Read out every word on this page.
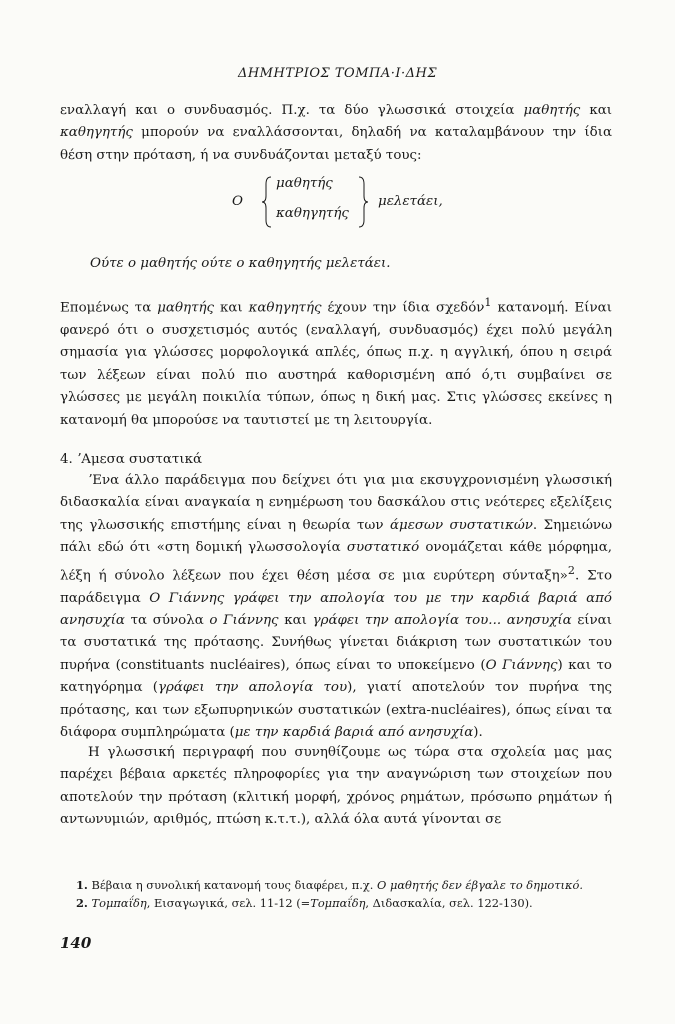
ΔΗΜΗΤΡΙΟΣ ΤΟΜΠΑ·Ι·ΔΗΣ

εναλλαγή και ο συνδυασμός. Π.χ. τα δύο γλωσσικά στοιχεία μαθητής και καθηγητής μπορούν να εναλλάσσονται, δηλαδή να καταλαμβάνουν την ίδια θέση στην πρόταση, ή να συνδυάζονται μεταξύ τους:

Ο
μαθητής
καθηγητής
μελετάει,
Ούτε ο μαθητής ούτε ο καθηγητής μελετάει.

Επομένως τα μαθητής και καθηγητής έχουν την ίδια σχεδόν$^1$ κατανομή. Είναι φανερό ότι ο συσχετισμός αυτός (εναλλαγή, συνδυασμός) έχει πολύ μεγάλη σημασία για γλώσσες μορφολογικά απλές, όπως π.χ. η αγγλική, όπου η σειρά των λέξεων είναι πολύ πιο αυστηρά καθορισμένη από ό,τι συμβαίνει σε γλώσσες με μεγάλη ποικιλία τύπων, όπως η δική μας. Στις γλώσσες εκείνες η κατανομή θα μπορούσε να ταυτιστεί με τη λειτουργία.

4. ʼΑμεσα συστατικά

ʼΕνα άλλο παράδειγμα που δείχνει ότι για μια εκσυγχρονισμένη γλωσσική διδασκαλία είναι αναγκαία η ενημέρωση του δασκάλου στις νεότερες εξελίξεις της γλωσσικής επιστήμης είναι η θεωρία των άμεσων συστατικών. Σημειώνω πάλι εδώ ότι «στη δομική γλωσσολογία συστατικό ονομάζεται κάθε μόρφημα, λέξη ή σύνολο λέξεων που έχει θέση μέσα σε μια ευρύτερη σύνταξη»$^2$. Στο παράδειγμα Ο Γιάννης γράφει την απολογία του με την καρδιά βαριά από ανησυχία τα σύνολα ο Γιάννης και γράφει την απολογία του... ανησυχία είναι τα συστατικά της πρότασης. Συνήθως γίνεται διάκριση των συστατικών του πυρήνα (constituants nucléaires), όπως είναι το υποκείμενο (Ο Γιάννης) και το κατηγόρημα (γράφει την απολογία του), γιατί αποτελούν τον πυρήνα της πρότασης, και των εξωπυρηνικών συστατικών (extra-nucléaires), όπως είναι τα διάφορα συμπληρώματα (με την καρδιά βαριά από ανησυχία).

Η γλωσσική περιγραφή που συνηθίζουμε ως τώρα στα σχολεία μας μας παρέχει βέβαια αρκετές πληροφορίες για την αναγνώριση των στοιχείων που αποτελούν την πρόταση (κλιτική μορφή, χρόνος ρημάτων, πρόσωπο ρημάτων ή αντωνυμιών, αριθμός, πτώση κ.τ.τ.), αλλά όλα αυτά γίνονται σε

1. Βέβαια η συνολική κατανομή τους διαφέρει, π.χ. Ο μαθητής δεν έβγαλε το δημοτικό.
2. Τομπαΐδη, Εισαγωγικά, σελ. 11-12 (=Τομπαΐδη, Διδασκαλία, σελ. 122-130).
140
